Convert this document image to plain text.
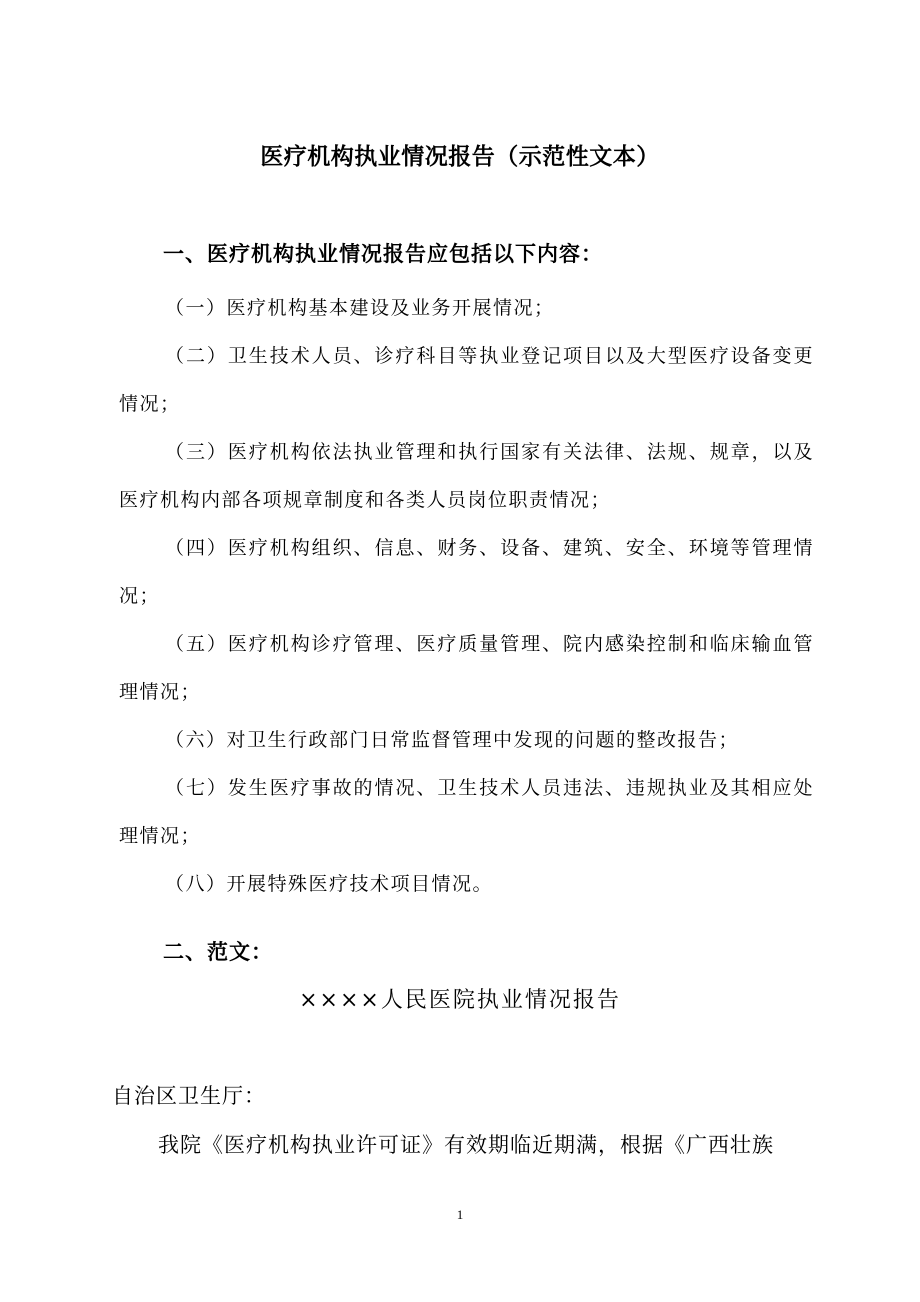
医疗机构执业情况报告（示范性文本）
一、医疗机构执业情况报告应包括以下内容：

（一）医疗机构基本建设及业务开展情况；

（二）卫生技术人员、诊疗科目等执业登记项目以及大型医疗设备变更情况；

（三）医疗机构依法执业管理和执行国家有关法律、法规、规章，以及医疗机构内部各项规章制度和各类人员岗位职责情况；

（四）医疗机构组织、信息、财务、设备、建筑、安全、环境等管理情况；

（五）医疗机构诊疗管理、医疗质量管理、院内感染控制和临床输血管理情况；

（六）对卫生行政部门日常监督管理中发现的问题的整改报告；

（七）发生医疗事故的情况、卫生技术人员违法、违规执业及其相应处理情况；

（八）开展特殊医疗技术项目情况。

二、范文：
××××人民医院执业情况报告
自治区卫生厅：
我院《医疗机构执业许可证》有效期临近期满，根据《广西壮族
1
